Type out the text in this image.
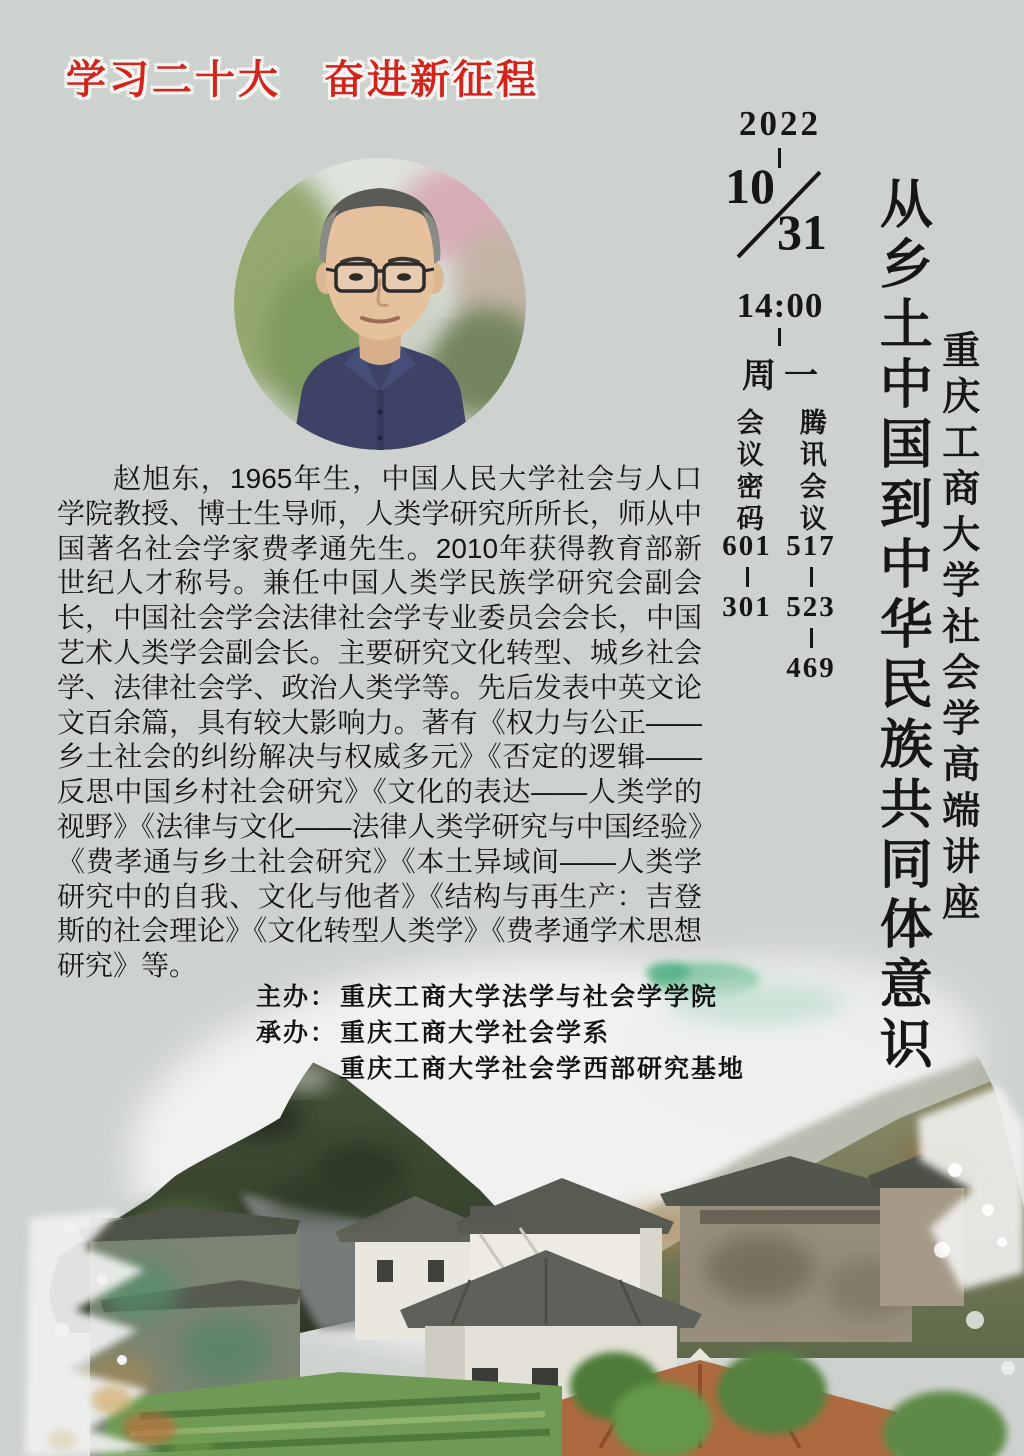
学习二十大　奋进新征程
2022
10
31
14:00
周一
会议密码 腾讯会议
601
301
517
523
469 从乡土中国到中华民族共同体意识 重庆工商大学社会学高端讲座

赵旭东，1965年生，中国人民大学社会与人口学院教授、博士生导师，人类学研究所所长，师从中国著名社会学家费孝通先生。2010年获得教育部新世纪人才称号。兼任中国人类学民族学研究会副会长，中国社会学会法律社会学专业委员会会长，中国艺术人类学会副会长。主要研究文化转型、城乡社会学、法律社会学、政治人类学等。先后发表中英文论文百余篇，具有较大影响力。著有《权力与公正——乡土社会的纠纷解决与权威多元》《否定的逻辑——反思中国乡村社会研究》《文化的表达——人类学的视野》《法律与文化——法律人类学研究与中国经验》《费孝通与乡土社会研究》《本土异域间——人类学研究中的自我、文化与他者》《结构与再生产：吉登斯的社会理论》《文化转型人类学》《费孝通学术思想研究》等。

主办： 重庆工商大学法学与社会学学院
承办： 重庆工商大学社会学系
重庆工商大学社会学西部研究基地
